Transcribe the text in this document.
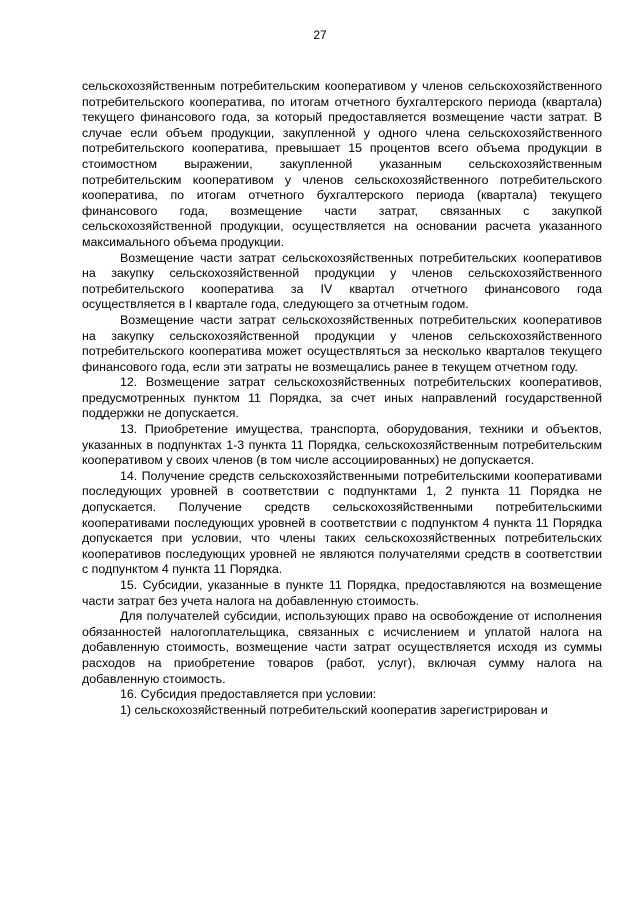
27

сельскохозяйственным потребительским кооперативом у членов сельскохозяйственного потребительского кооператива, по итогам отчетного бухгалтерского периода (квартала) текущего финансового года, за который предоставляется возмещение части затрат. В случае если объем продукции, закупленной у одного члена сельскохозяйственного потребительского кооператива, превышает 15 процентов всего объема продукции в стоимостном выражении, закупленной указанным сельскохозяйственным потребительским кооперативом у членов сельскохозяйственного потребительского кооператива, по итогам отчетного бухгалтерского периода (квартала) текущего финансового года, возмещение части затрат, связанных с закупкой сельскохозяйственной продукции, осуществляется на основании расчета указанного максимального объема продукции.

Возмещение части затрат сельскохозяйственных потребительских кооперативов на закупку сельскохозяйственной продукции у членов сельскохозяйственного потребительского кооператива за IV квартал отчетного финансового года осуществляется в I квартале года, следующего за отчетным годом.

Возмещение части затрат сельскохозяйственных потребительских кооперативов на закупку сельскохозяйственной продукции у членов сельскохозяйственного потребительского кооператива может осуществляться за несколько кварталов текущего финансового года, если эти затраты не возмещались ранее в текущем отчетном году.

12. Возмещение затрат сельскохозяйственных потребительских кооперативов, предусмотренных пунктом 11 Порядка, за счет иных направлений государственной поддержки не допускается.

13. Приобретение имущества, транспорта, оборудования, техники и объектов, указанных в подпунктах 1-3 пункта 11 Порядка, сельскохозяйственным потребительским кооперативом у своих членов (в том числе ассоциированных) не допускается.

14. Получение средств сельскохозяйственными потребительскими кооперативами последующих уровней в соответствии с подпунктами 1, 2 пункта 11 Порядка не допускается. Получение средств сельскохозяйственными потребительскими кооперативами последующих уровней в соответствии с подпунктом 4 пункта 11 Порядка допускается при условии, что члены таких сельскохозяйственных потребительских кооперативов последующих уровней не являются получателями средств в соответствии с подпунктом 4 пункта 11 Порядка.

15. Субсидии, указанные в пункте 11 Порядка, предоставляются на возмещение части затрат без учета налога на добавленную стоимость.

Для получателей субсидии, использующих право на освобождение от исполнения обязанностей налогоплательщика, связанных с исчислением и уплатой налога на добавленную стоимость, возмещение части затрат осуществляется исходя из суммы расходов на приобретение товаров (работ, услуг), включая сумму налога на добавленную стоимость.

16. Субсидия предоставляется при условии:

1) сельскохозяйственный потребительский кооператив зарегистрирован и
